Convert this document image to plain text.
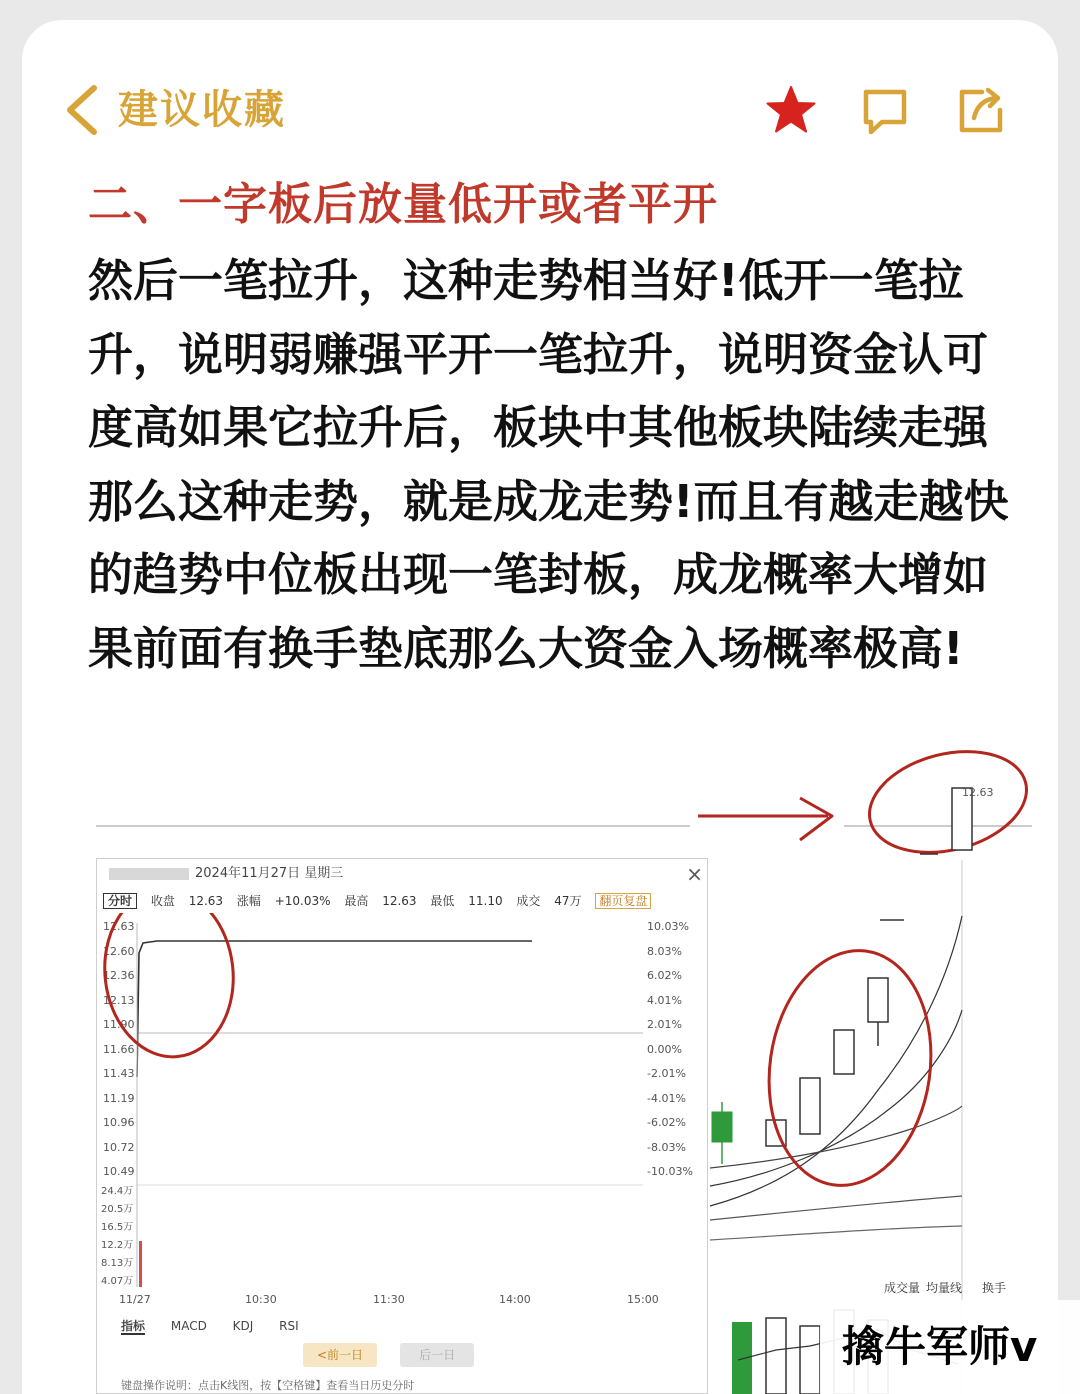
建议收藏
二、一字板后放量低开或者平开
然后一笔拉升，这种走势相当好!低开一笔拉升，说明弱赚强平开一笔拉升，说明资金认可度高如果它拉升后，板块中其他板块陆续走强那么这种走势，就是成龙走势!而且有越走越快的趋势中位板出现一笔封板，成龙概率大增如果前面有换手垫底那么大资金入场概率极高!
2024年11月27日 星期三	×
分时 收盘 12.63 涨幅 +10.03% 最高 12.63 最低 11.10 成交 47万 翻页复盘
12.63
12.60
12.36
12.13
11.90
11.66
11.43
11.19
10.96
10.72
10.49
10.03%
8.03%
6.02%
4.01%
2.01%
0.00%
-2.01%
-4.01%
-6.02%
-8.03%
-10.03%
24.4万
20.5万
16.5万
12.2万
8.13万
4.07万
11/27	10:30	11:30	14:00	15:00
指标 MACD KDJ RSI
<前一日	后一日
键盘操作说明：点击K线图，按【空格键】查看当日历史分时
12.63
成交量 均量线 换手
擒牛军师v
